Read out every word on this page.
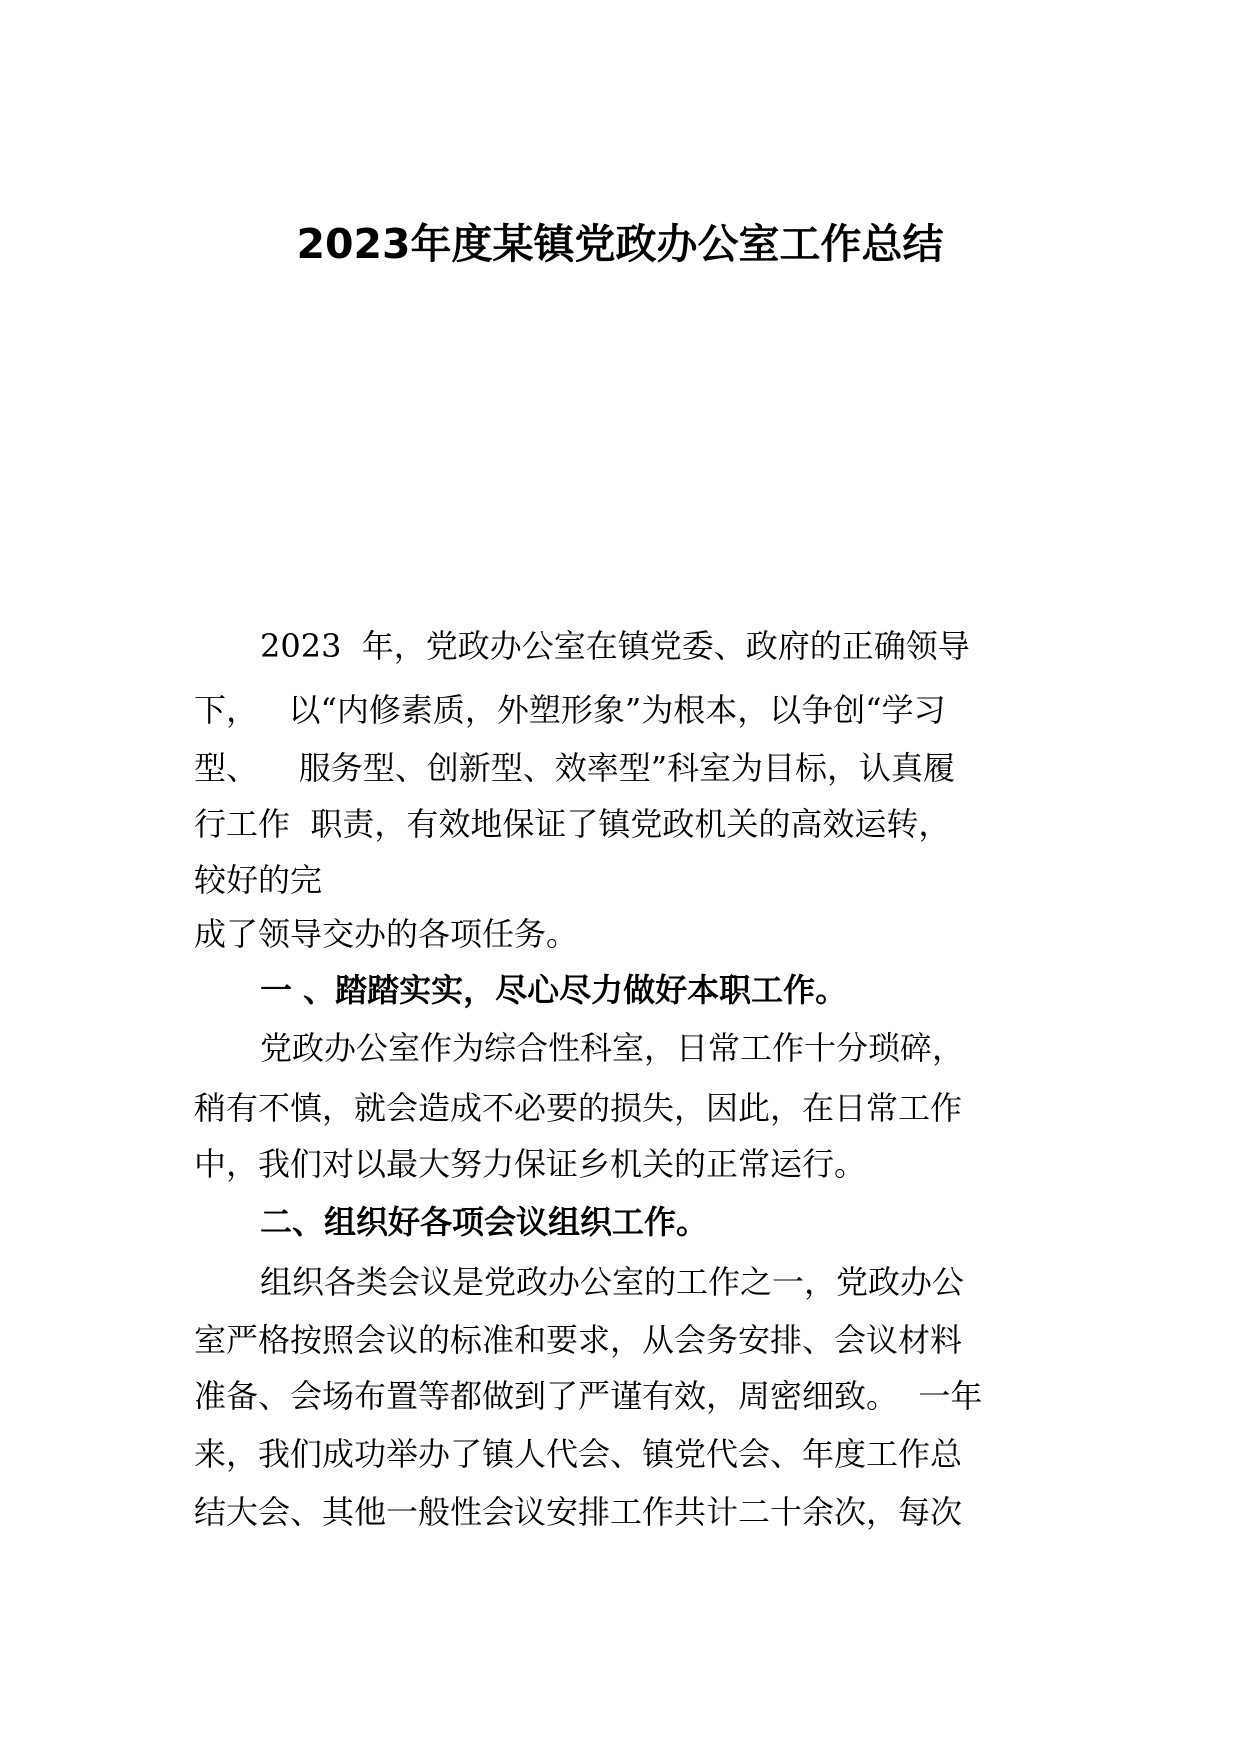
2023年度某镇党政办公室工作总结
2023  年，党政办公室在镇党委、政府的正确领导
下，   以“内修素质，外塑形象”为根本，以争创“学习
型、    服务型、创新型、效率型”科室为目标，认真履
行工作  职责，有效地保证了镇党政机关的高效运转，
较好的完
成了领导交办的各项任务。
一 、踏踏实实，尽心尽力做好本职工作。
党政办公室作为综合性科室，日常工作十分琐碎，
稍有不慎，就会造成不必要的损失，因此，在日常工作
中，我们对以最大努力保证乡机关的正常运行。
二、组织好各项会议组织工作。
组织各类会议是党政办公室的工作之一，党政办公
室严格按照会议的标准和要求，从会务安排、会议材料
准备、会场布置等都做到了严谨有效，周密细致。  一年
来，我们成功举办了镇人代会、镇党代会、年度工作总
结大会、其他一般性会议安排工作共计二十余次，每次
